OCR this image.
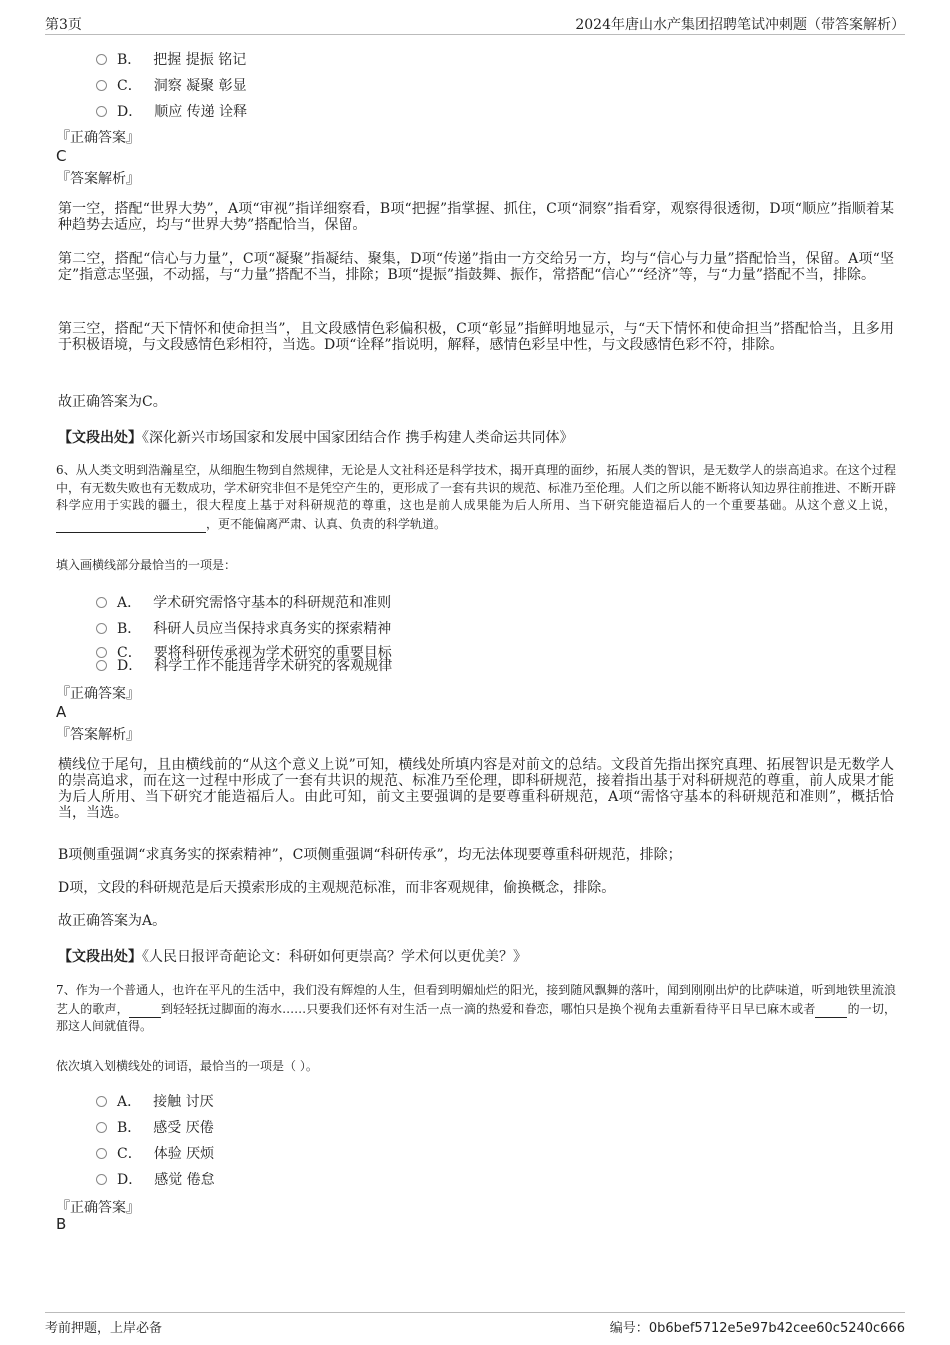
第3页	2024年唐山水产集团招聘笔试冲刺题（带答案解析）
B． 把握 提振 铭记
C． 洞察 凝聚 彰显
D． 顺应 传递 诠释
『正确答案』
C
『答案解析』
第一空，搭配“世界大势”，A项“审视”指详细察看，B项“把握”指掌握、抓住，C项“洞察”指看穿，观察得很透彻，D项“顺应”指顺着某种趋势去适应，均与“世界大势”搭配恰当，保留。
第二空，搭配“信心与力量”，C项“凝聚”指凝结、聚集，D项“传递”指由一方交给另一方，均与“信心与力量”搭配恰当，保留。A项“坚定”指意志坚强，不动摇，与“力量”搭配不当，排除；B项“提振”指鼓舞、振作，常搭配“信心”“经济”等，与“力量”搭配不当，排除。
第三空，搭配“天下情怀和使命担当”，且文段感情色彩偏积极，C项“彰显”指鲜明地显示，与“天下情怀和使命担当”搭配恰当，且多用于积极语境，与文段感情色彩相符，当选。D项“诠释”指说明，解释，感情色彩呈中性，与文段感情色彩不符，排除。
故正确答案为C。
【文段出处】《深化新兴市场国家和发展中国家团结合作 携手构建人类命运共同体》
6、从人类文明到浩瀚星空，从细胞生物到自然规律，无论是人文社科还是科学技术，揭开真理的面纱，拓展人类的智识，是无数学人的崇高追求。在这个过程中，有无数失败也有无数成功，学术研究非但不是凭空产生的，更形成了一套有共识的规范、标准乃至伦理。人们之所以能不断将认知边界往前推进、不断开辟科学应用于实践的疆土，很大程度上基于对科研规范的尊重，这也是前人成果能为后人所用、当下研究能造福后人的一个重要基础。从这个意义上说， ，更不能偏离严肃、认真、负责的科学轨道。
填入画横线部分最恰当的一项是：
A． 学术研究需恪守基本的科研规范和准则
B． 科研人员应当保持求真务实的探索精神
C． 要将科研传承视为学术研究的重要目标
D． 科学工作不能违背学术研究的客观规律
『正确答案』
A
『答案解析』
横线位于尾句，且由横线前的“从这个意义上说”可知，横线处所填内容是对前文的总结。文段首先指出探究真理、拓展智识是无数学人的崇高追求，而在这一过程中形成了一套有共识的规范、标准乃至伦理，即科研规范，接着指出基于对科研规范的尊重，前人成果才能为后人所用、当下研究才能造福后人。由此可知，前文主要强调的是要尊重科研规范，A项“需恪守基本的科研规范和准则”，概括恰当，当选。
B项侧重强调“求真务实的探索精神”，C项侧重强调“科研传承”，均无法体现要尊重科研规范，排除；
D项，文段的科研规范是后天摸索形成的主观规范标准，而非客观规律，偷换概念，排除。
故正确答案为A。
【文段出处】《人民日报评奇葩论文：科研如何更崇高？学术何以更优美？》
7、作为一个普通人，也许在平凡的生活中，我们没有辉煌的人生，但看到明媚灿烂的阳光，接到随风飘舞的落叶，闻到刚刚出炉的比萨味道，听到地铁里流浪艺人的歌声，	到轻轻抚过脚面的海水……只要我们还怀有对生活一点一滴的热爱和眷恋，哪怕只是换个视角去重新看待平日早已麻木或者	的一切，那这人间就值得。
依次填入划横线处的词语，最恰当的一项是（ ）。
A． 接触 讨厌
B． 感受 厌倦
C． 体验 厌烦
D． 感觉 倦怠
『正确答案』
B
考前押题，上岸必备	编号：0b6bef5712e5e97b42cee60c5240c666
